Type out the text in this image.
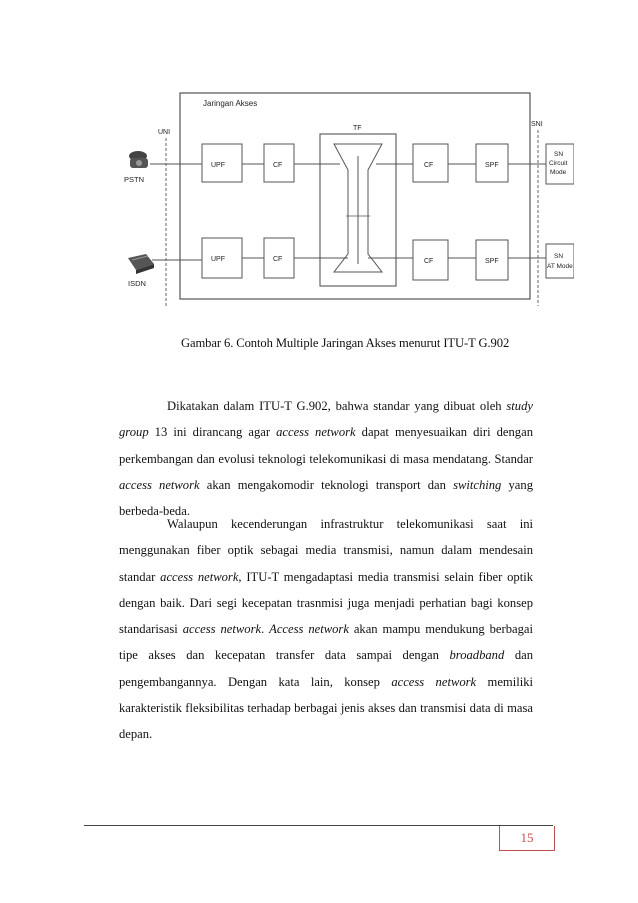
Jaringan Akses
UNI
SNI
TF
PSTN
ISDN
UPF	CF	CF	SPF
UPF	CF	CF	SPF
SN
Circuit
Mode
SN
AT Mode
Gambar 6. Contoh Multiple Jaringan Akses menurut ITU-T G.902

Dikatakan dalam ITU-T G.902, bahwa standar yang dibuat oleh study group 13 ini dirancang agar access network dapat menyesuaikan diri dengan perkembangan dan evolusi teknologi telekomunikasi di masa mendatang. Standar access network akan mengakomodir teknologi transport dan switching yang berbeda-beda.

Walaupun kecenderungan infrastruktur telekomunikasi saat ini menggunakan fiber optik sebagai media transmisi, namun dalam mendesain standar access network, ITU-T mengadaptasi media transmisi selain fiber optik dengan baik. Dari segi kecepatan trasnmisi juga menjadi perhatian bagi konsep standarisasi access network. Access network akan mampu mendukung berbagai tipe akses dan kecepatan transfer data sampai dengan broadband dan pengembangannya. Dengan kata lain, konsep access network memiliki karakteristik fleksibilitas terhadap berbagai jenis akses dan transmisi data di masa depan.

15
